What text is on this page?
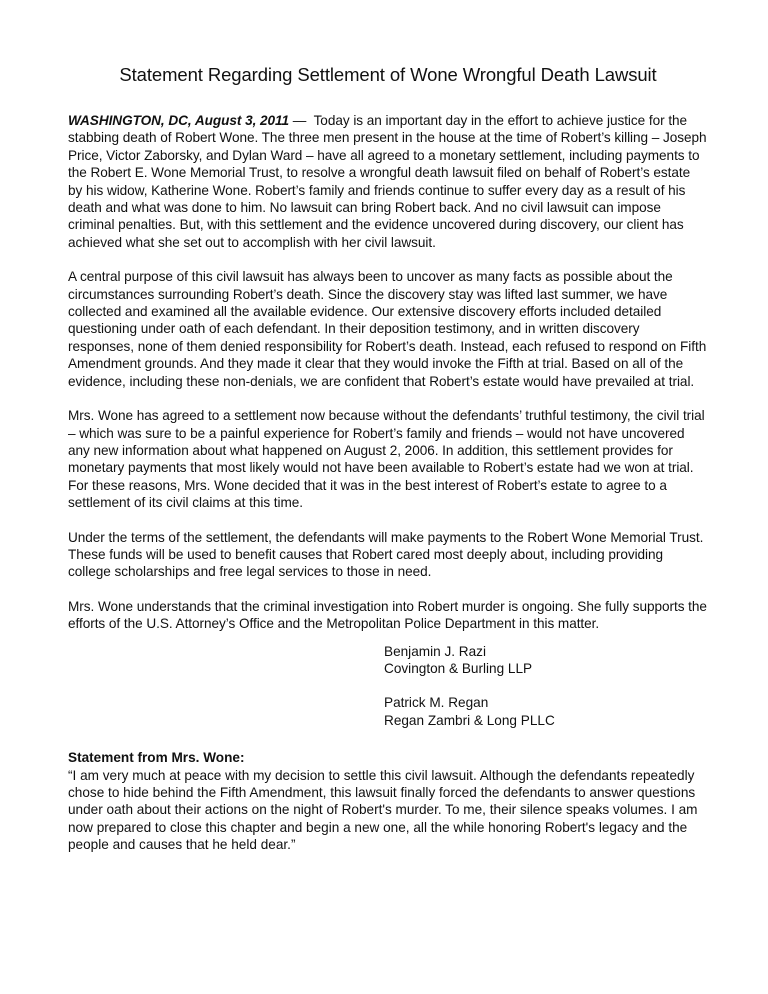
Statement Regarding Settlement of Wone Wrongful Death Lawsuit

WASHINGTON, DC, August 3, 2011 —  Today is an important day in the effort to achieve justice for the stabbing death of Robert Wone. The three men present in the house at the time of Robert’s killing – Joseph Price, Victor Zaborsky, and Dylan Ward – have all agreed to a monetary settlement, including payments to the Robert E. Wone Memorial Trust, to resolve a wrongful death lawsuit filed on behalf of Robert’s estate by his widow, Katherine Wone. Robert’s family and friends continue to suffer every day as a result of his death and what was done to him. No lawsuit can bring Robert back. And no civil lawsuit can impose criminal penalties. But, with this settlement and the evidence uncovered during discovery, our client has achieved what she set out to accomplish with her civil lawsuit.

A central purpose of this civil lawsuit has always been to uncover as many facts as possible about the circumstances surrounding Robert’s death. Since the discovery stay was lifted last summer, we have collected and examined all the available evidence. Our extensive discovery efforts included detailed questioning under oath of each defendant. In their deposition testimony, and in written discovery responses, none of them denied responsibility for Robert’s death. Instead, each refused to respond on Fifth Amendment grounds. And they made it clear that they would invoke the Fifth at trial. Based on all of the evidence, including these non-denials, we are confident that Robert’s estate would have prevailed at trial.

Mrs. Wone has agreed to a settlement now because without the defendants’ truthful testimony, the civil trial – which was sure to be a painful experience for Robert’s family and friends – would not have uncovered any new information about what happened on August 2, 2006. In addition, this settlement provides for monetary payments that most likely would not have been available to Robert’s estate had we won at trial. For these reasons, Mrs. Wone decided that it was in the best interest of Robert’s estate to agree to a settlement of its civil claims at this time.

Under the terms of the settlement, the defendants will make payments to the Robert Wone Memorial Trust. These funds will be used to benefit causes that Robert cared most deeply about, including providing college scholarships and free legal services to those in need.

Mrs. Wone understands that the criminal investigation into Robert murder is ongoing. She fully supports the efforts of the U.S. Attorney’s Office and the Metropolitan Police Department in this matter.

Benjamin J. Razi
Covington & Burling LLP
Patrick M. Regan
Regan Zambri & Long PLLC
Statement from Mrs. Wone:

“I am very much at peace with my decision to settle this civil lawsuit. Although the defendants repeatedly chose to hide behind the Fifth Amendment, this lawsuit finally forced the defendants to answer questions under oath about their actions on the night of Robert's murder. To me, their silence speaks volumes. I am now prepared to close this chapter and begin a new one, all the while honoring Robert's legacy and the people and causes that he held dear.”
